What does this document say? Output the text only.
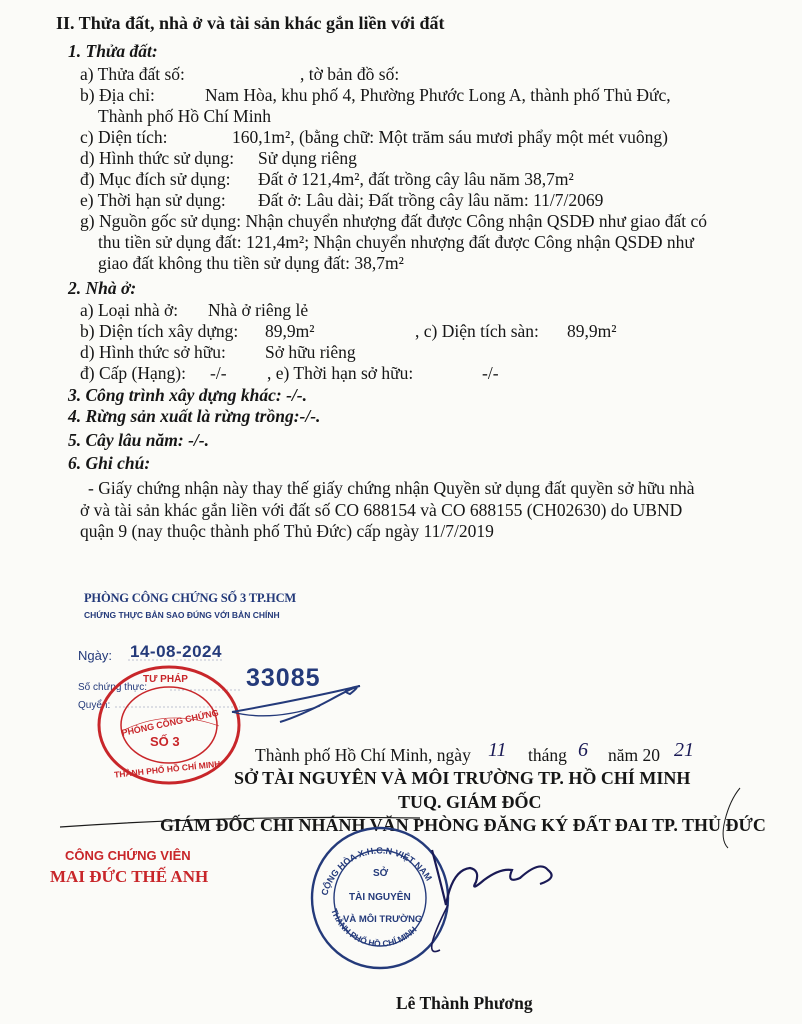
II. Thửa đất, nhà ở và tài sản khác gắn liền với đất
1. Thửa đất:
a) Thửa đất số:	, tờ bản đồ số:
b) Địa chỉ:	Nam Hòa, khu phố 4, Phường Phước Long A, thành phố Thủ Đức,
Thành phố Hồ Chí Minh
c) Diện tích:	160,1m², (bằng chữ: Một trăm sáu mươi phẩy một mét vuông)
d) Hình thức sử dụng: Sử dụng riêng
đ) Mục đích sử dụng: Đất ở 121,4m², đất trồng cây lâu năm 38,7m²
e) Thời hạn sử dụng: Đất ở: Lâu dài; Đất trồng cây lâu năm: 11/7/2069
g) Nguồn gốc sử dụng: Nhận chuyển nhượng đất được Công nhận QSDĐ như giao đất có
thu tiền sử dụng đất: 121,4m²; Nhận chuyển nhượng đất được Công nhận QSDĐ như
giao đất không thu tiền sử dụng đất: 38,7m²
2. Nhà ở:
a) Loại nhà ở: Nhà ở riêng lẻ
b) Diện tích xây dựng: 89,9m²	, c) Diện tích sàn: 89,9m²
d) Hình thức sở hữu: Sở hữu riêng
đ) Cấp (Hạng): -/- , e) Thời hạn sở hữu:	-/-
3. Công trình xây dựng khác: -/-.
4. Rừng sản xuất là rừng trồng:-/-.
5. Cây lâu năm: -/-.
6. Ghi chú:
- Giấy chứng nhận này thay thế giấy chứng nhận Quyền sử dụng đất quyền sở hữu nhà
ở và tài sản khác gắn liền với đất số CO 688154 và CO 688155 (CH02630) do UBND
quận 9 (nay thuộc thành phố Thủ Đức) cấp ngày 11/7/2019
PHÒNG CÔNG CHỨNG SỐ 3 TP.HCM
CHỨNG THỰC BẢN SAO ĐÚNG VỚI BẢN CHÍNH
Ngày: 14-08-2024
Số chứng thực:	33085
Quyển:
TƯ PHÁP
PHÒNG CÔNG CHỨNG
SỐ 3
THÀNH PHỐ HỒ CHÍ MINH
Thành phố Hồ Chí Minh, ngày 11 tháng 6 năm 20 21
SỞ TÀI NGUYÊN VÀ MÔI TRƯỜNG TP. HỒ CHÍ MINH
TUQ. GIÁM ĐỐC
GIÁM ĐỐC CHI NHÁNH VĂN PHÒNG ĐĂNG KÝ ĐẤT ĐAI TP. THỦ ĐỨC
CÔNG CHỨNG VIÊN
MAI ĐỨC THẾ ANH
CỘNG HÒA X.H.C.N VIỆT NAM
THÀNH PHỐ HỒ CHÍ MINH
SỞ
TÀI NGUYÊN
VÀ MÔI TRƯỜNG
Lê Thành Phương
